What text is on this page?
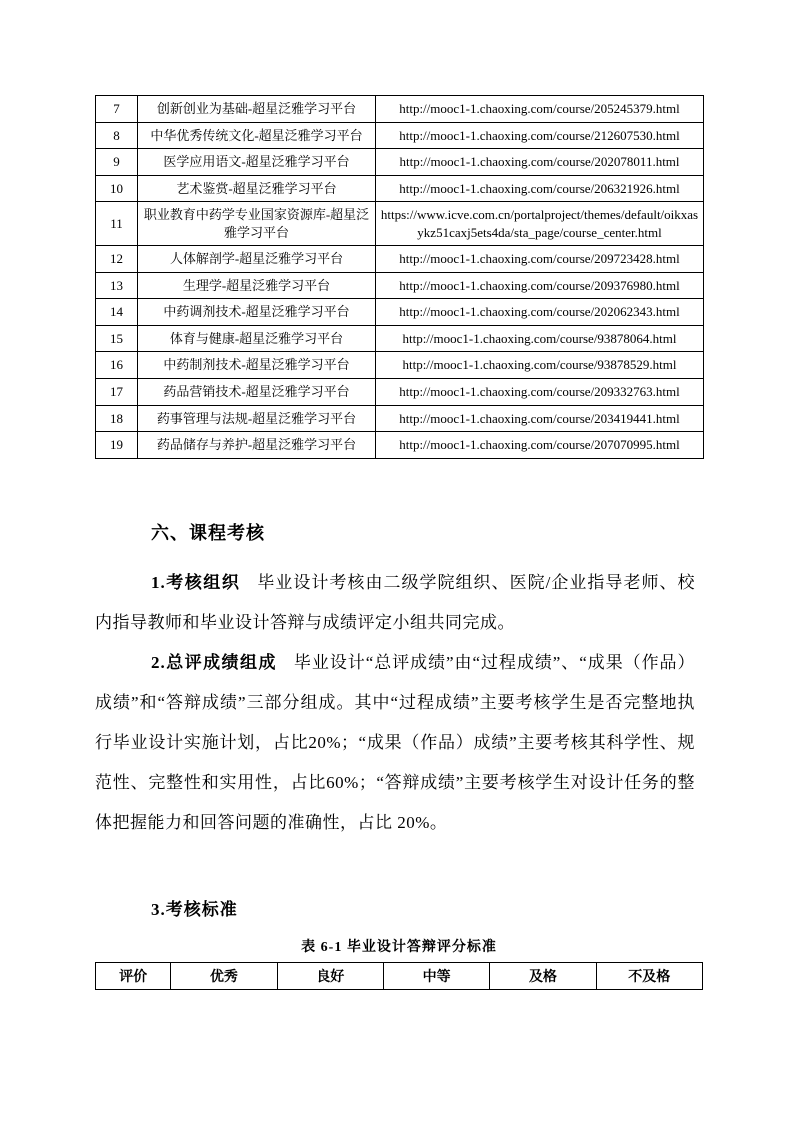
7	创新创业为基础-超星泛雅学习平台	http://mooc1-1.chaoxing.com/course/205245379.html
8	中华优秀传统文化-超星泛雅学习平台	http://mooc1-1.chaoxing.com/course/212607530.html
9	医学应用语文-超星泛雅学习平台	http://mooc1-1.chaoxing.com/course/202078011.html
10	艺术鉴赏-超星泛雅学习平台	http://mooc1-1.chaoxing.com/course/206321926.html
11	职业教育中药学专业国家资源库-超星泛雅学习平台	https://www.icve.com.cn/portalproject/themes/default/oikxasykz51caxj5ets4da/sta_page/course_center.html
12	人体解剖学-超星泛雅学习平台	http://mooc1-1.chaoxing.com/course/209723428.html
13	生理学-超星泛雅学习平台	http://mooc1-1.chaoxing.com/course/209376980.html
14	中药调剂技术-超星泛雅学习平台	http://mooc1-1.chaoxing.com/course/202062343.html
15	体育与健康-超星泛雅学习平台	http://mooc1-1.chaoxing.com/course/93878064.html
16	中药制剂技术-超星泛雅学习平台	http://mooc1-1.chaoxing.com/course/93878529.html
17	药品营销技术-超星泛雅学习平台	http://mooc1-1.chaoxing.com/course/209332763.html
18	药事管理与法规-超星泛雅学习平台	http://mooc1-1.chaoxing.com/course/203419441.html
19	药品储存与养护-超星泛雅学习平台	http://mooc1-1.chaoxing.com/course/207070995.html
六、课程考核

1.考核组织 毕业设计考核由二级学院组织、医院/企业指导老师、校内指导教师和毕业设计答辩与成绩评定小组共同完成。

2.总评成绩组成 毕业设计“总评成绩”由“过程成绩”、“成果（作品）成绩”和“答辩成绩”三部分组成。其中“过程成绩”主要考核学生是否完整地执行毕业设计实施计划，占比20%；“成果（作品）成绩”主要考核其科学性、规范性、完整性和实用性，占比60%；“答辩成绩”主要考核学生对设计任务的整体把握能力和回答问题的准确性，占比 20%。

3.考核标准

表 6-1 毕业设计答辩评分标准

评价	优秀	良好	中等	及格	不及格
